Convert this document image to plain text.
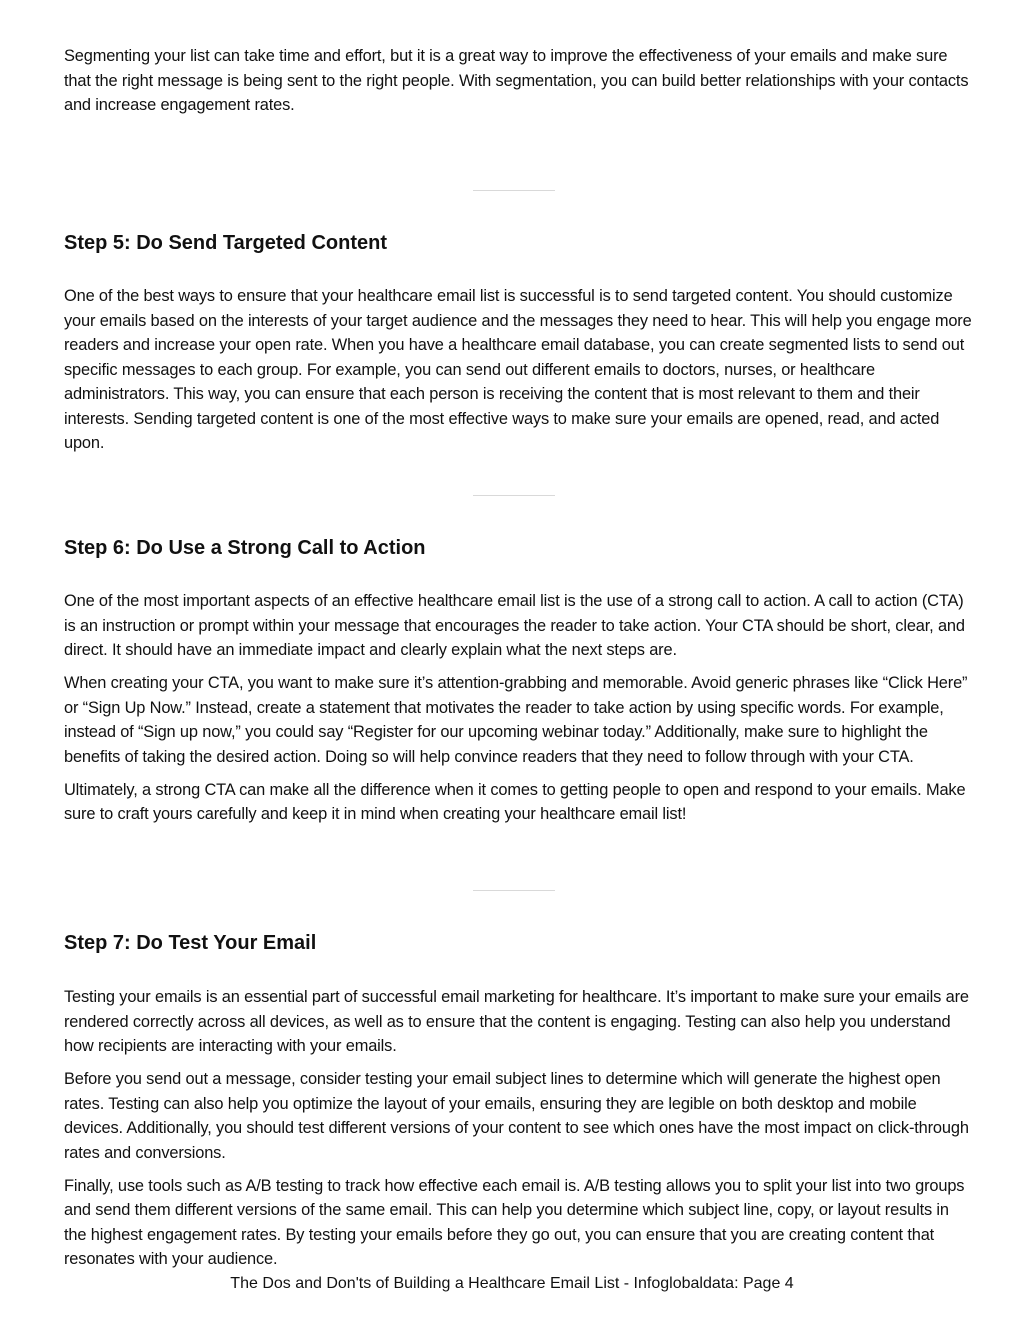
Segmenting your list can take time and effort, but it is a great way to improve the effectiveness of your emails and make sure that the right message is being sent to the right people. With segmentation, you can build better relationships with your contacts and increase engagement rates.

Step 5: Do Send Targeted Content

One of the best ways to ensure that your healthcare email list is successful is to send targeted content. You should customize your emails based on the interests of your target audience and the messages they need to hear. This will help you engage more readers and increase your open rate. When you have a healthcare email database, you can create segmented lists to send out specific messages to each group. For example, you can send out different emails to doctors, nurses, or healthcare administrators. This way, you can ensure that each person is receiving the content that is most relevant to them and their interests. Sending targeted content is one of the most effective ways to make sure your emails are opened, read, and acted upon.

Step 6: Do Use a Strong Call to Action

One of the most important aspects of an effective healthcare email list is the use of a strong call to action. A call to action (CTA) is an instruction or prompt within your message that encourages the reader to take action. Your CTA should be short, clear, and direct. It should have an immediate impact and clearly explain what the next steps are.

When creating your CTA, you want to make sure it’s attention-grabbing and memorable. Avoid generic phrases like “Click Here” or “Sign Up Now.” Instead, create a statement that motivates the reader to take action by using specific words. For example, instead of “Sign up now,” you could say “Register for our upcoming webinar today.” Additionally, make sure to highlight the benefits of taking the desired action. Doing so will help convince readers that they need to follow through with your CTA.

Ultimately, a strong CTA can make all the difference when it comes to getting people to open and respond to your emails. Make sure to craft yours carefully and keep it in mind when creating your healthcare email list!

Step 7: Do Test Your Email

Testing your emails is an essential part of successful email marketing for healthcare. It’s important to make sure your emails are rendered correctly across all devices, as well as to ensure that the content is engaging. Testing can also help you understand how recipients are interacting with your emails.

Before you send out a message, consider testing your email subject lines to determine which will generate the highest open rates. Testing can also help you optimize the layout of your emails, ensuring they are legible on both desktop and mobile devices. Additionally, you should test different versions of your content to see which ones have the most impact on click-through rates and conversions.

Finally, use tools such as A/B testing to track how effective each email is. A/B testing allows you to split your list into two groups and send them different versions of the same email. This can help you determine which subject line, copy, or layout results in the highest engagement rates. By testing your emails before they go out, you can ensure that you are creating content that resonates with your audience.

The Dos and Don'ts of Building a Healthcare Email List - Infoglobaldata: Page 4
